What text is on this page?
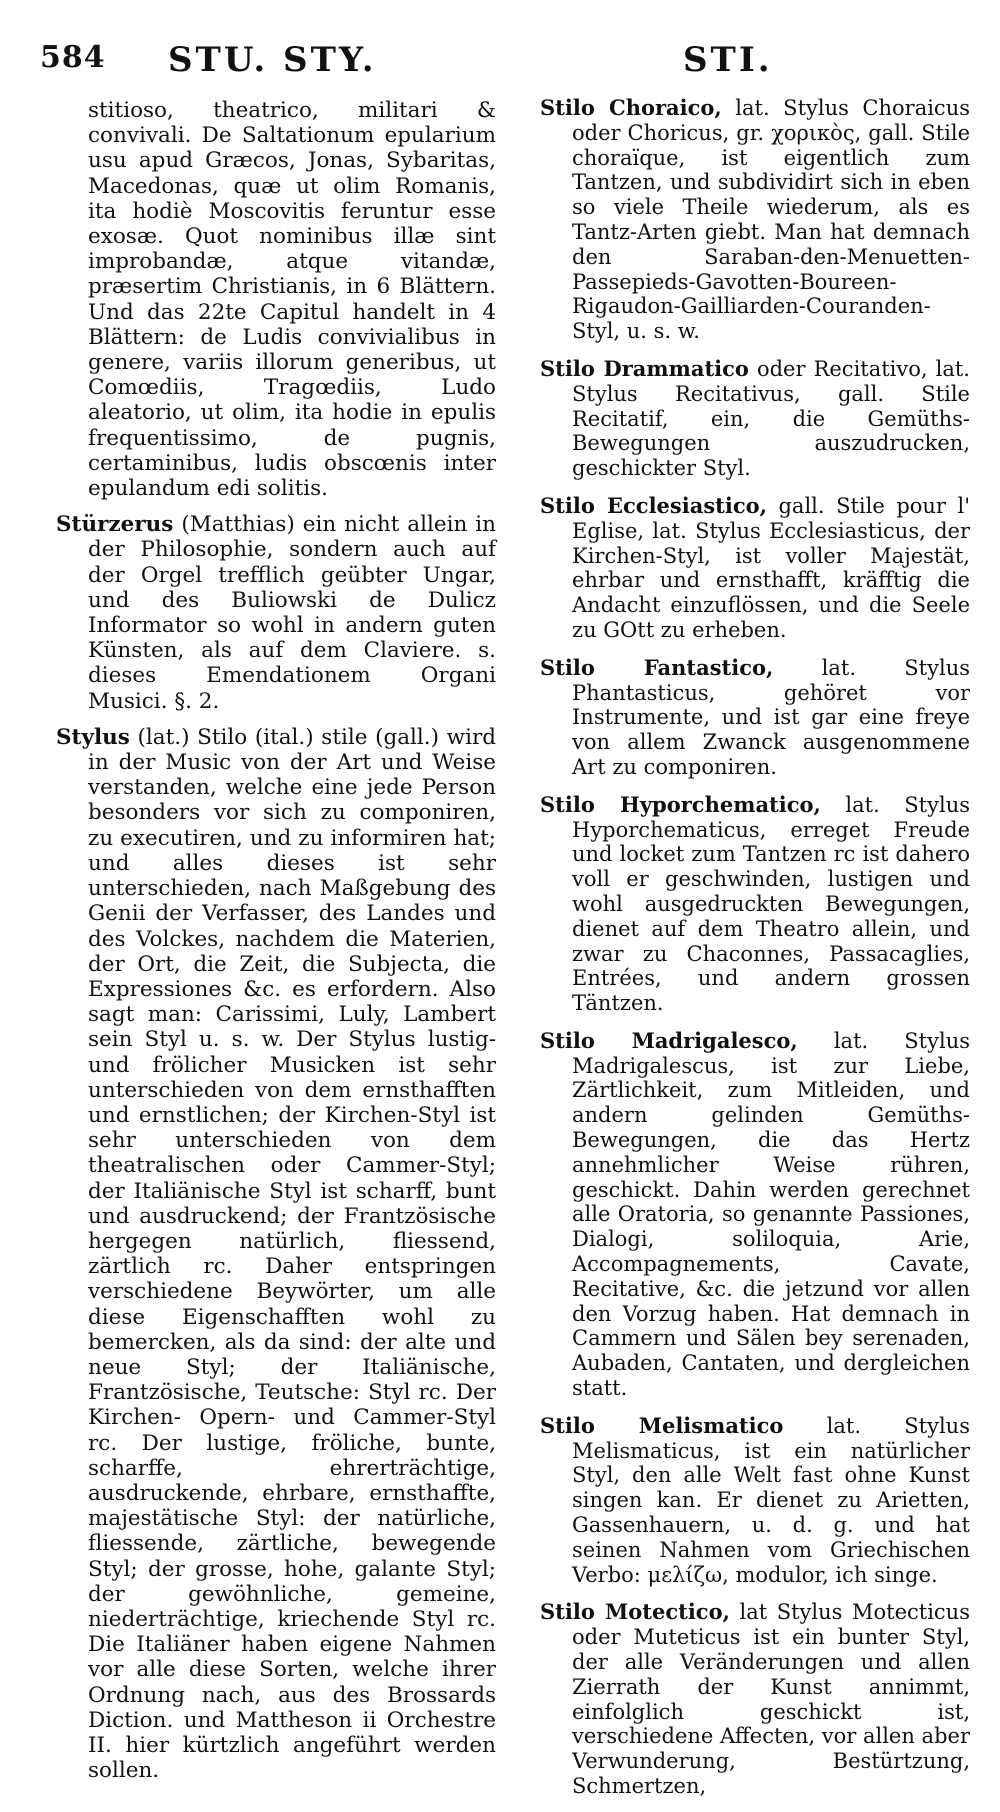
584 STU. STY.	STI.

stitioso, theatrico, militari & convivali. De Saltationum epularium usu apud Græcos, Jonas, Sybaritas, Macedonas, quæ ut olim Romanis, ita hodiè Moscovitis feruntur esse exosæ. Quot nominibus illæ sint improbandæ, atque vitandæ, præsertim Christianis, in 6 Blättern. Und das 22te Capitul handelt in 4 Blättern: de Ludis convivialibus in genere, variis illorum generibus, ut Comœdiis, Tragœdiis, Ludo aleatorio, ut olim, ita hodie in epulis frequentissimo, de pugnis, certaminibus, ludis obscœnis inter epulandum edi solitis.

Stürzerus (Matthias) ein nicht allein in der Philosophie, sondern auch auf der Orgel trefflich geübter Ungar, und des Buliowski de Dulicz Informator so wohl in andern guten Künsten, als auf dem Claviere. s. dieses Emendationem Organi Musici. §. 2.

Stylus (lat.) Stilo (ital.) stile (gall.) wird in der Music von der Art und Weise verstanden, welche eine jede Person besonders vor sich zu componiren, zu executiren, und zu informiren hat; und alles dieses ist sehr unterschieden, nach Maßgebung des Genii der Verfasser, des Landes und des Volckes, nachdem die Materien, der Ort, die Zeit, die Subjecta, die Expressiones &c. es erfordern. Also sagt man: Carissimi, Luly, Lambert sein Styl u. s. w. Der Stylus lustig- und frölicher Musicken ist sehr unterschieden von dem ernsthafften und ernstlichen; der Kirchen-Styl ist sehr unterschieden von dem theatralischen oder Cammer-Styl; der Italiänische Styl ist scharff, bunt und ausdruckend; der Frantzösische hergegen natürlich, fliessend, zärtlich rc. Daher entspringen verschiedene Beywörter, um alle diese Eigenschafften wohl zu bemercken, als da sind: der alte und neue Styl; der Italiänische, Frantzösische, Teutsche: Styl rc. Der Kirchen- Opern- und Cammer-Styl rc. Der lustige, fröliche, bunte, scharffe, ehrerträchtige, ausdruckende, ehrbare, ernsthaffte, majestätische Styl: der natürliche, fliessende, zärtliche, bewegende Styl; der grosse, hohe, galante Styl; der gewöhnliche, gemeine, niederträchtige, kriechende Styl rc. Die Italiäner haben eigene Nahmen vor alle diese Sorten, welche ihrer Ordnung nach, aus des Brossards Diction. und Mattheson ii Orchestre II. hier kürtzlich angeführt werden sollen.

Stilo Choraico, lat. Stylus Choraicus oder Choricus, gr. χορικὸς, gall. Stile choraïque, ist eigentlich zum Tantzen, und subdividirt sich in eben so viele Theile wiederum, als es Tantz-Arten giebt. Man hat demnach den Saraban-den-Menuetten-Passepieds-Gavotten-Boureen-Rigaudon-Gailliarden-Couranden-Styl, u. s. w.

Stilo Drammatico oder Recitativo, lat. Stylus Recitativus, gall. Stile Recitatif, ein, die Gemüths-Bewegungen auszudrucken, geschickter Styl.

Stilo Ecclesiastico, gall. Stile pour l' Eglise, lat. Stylus Ecclesiasticus, der Kirchen-Styl, ist voller Majestät, ehrbar und ernsthafft, kräfftig die Andacht einzuflössen, und die Seele zu GOtt zu erheben.

Stilo Fantastico, lat. Stylus Phantasticus, gehöret vor Instrumente, und ist gar eine freye von allem Zwanck ausgenommene Art zu componiren.

Stilo Hyporchematico, lat. Stylus Hyporchematicus, erreget Freude und locket zum Tantzen rc ist dahero voll er geschwinden, lustigen und wohl ausgedruckten Bewegungen, dienet auf dem Theatro allein, und zwar zu Chaconnes, Passacaglies, Entrées, und andern grossen Täntzen.

Stilo Madrigalesco, lat. Stylus Madrigalescus, ist zur Liebe, Zärtlichkeit, zum Mitleiden, und andern gelinden Gemüths-Bewegungen, die das Hertz annehmlicher Weise rühren, geschickt. Dahin werden gerechnet alle Oratoria, so genannte Passiones, Dialogi, soliloquia, Arie, Accompagnements, Cavate, Recitative, &c. die jetzund vor allen den Vorzug haben. Hat demnach in Cammern und Sälen bey serenaden, Aubaden, Cantaten, und dergleichen statt.

Stilo Melismatico lat. Stylus Melismaticus, ist ein natürlicher Styl, den alle Welt fast ohne Kunst singen kan. Er dienet zu Arietten, Gassenhauern, u. d. g. und hat seinen Nahmen vom Griechischen Verbo: μελίζω, modulor, ich singe.

Stilo Motectico, lat Stylus Motecticus oder Muteticus ist ein bunter Styl, der alle Veränderungen und allen Zierrath der Kunst annimmt, einfolglich geschickt ist, verschiedene Affecten, vor allen aber Verwunderung, Bestürtzung, Schmertzen,
